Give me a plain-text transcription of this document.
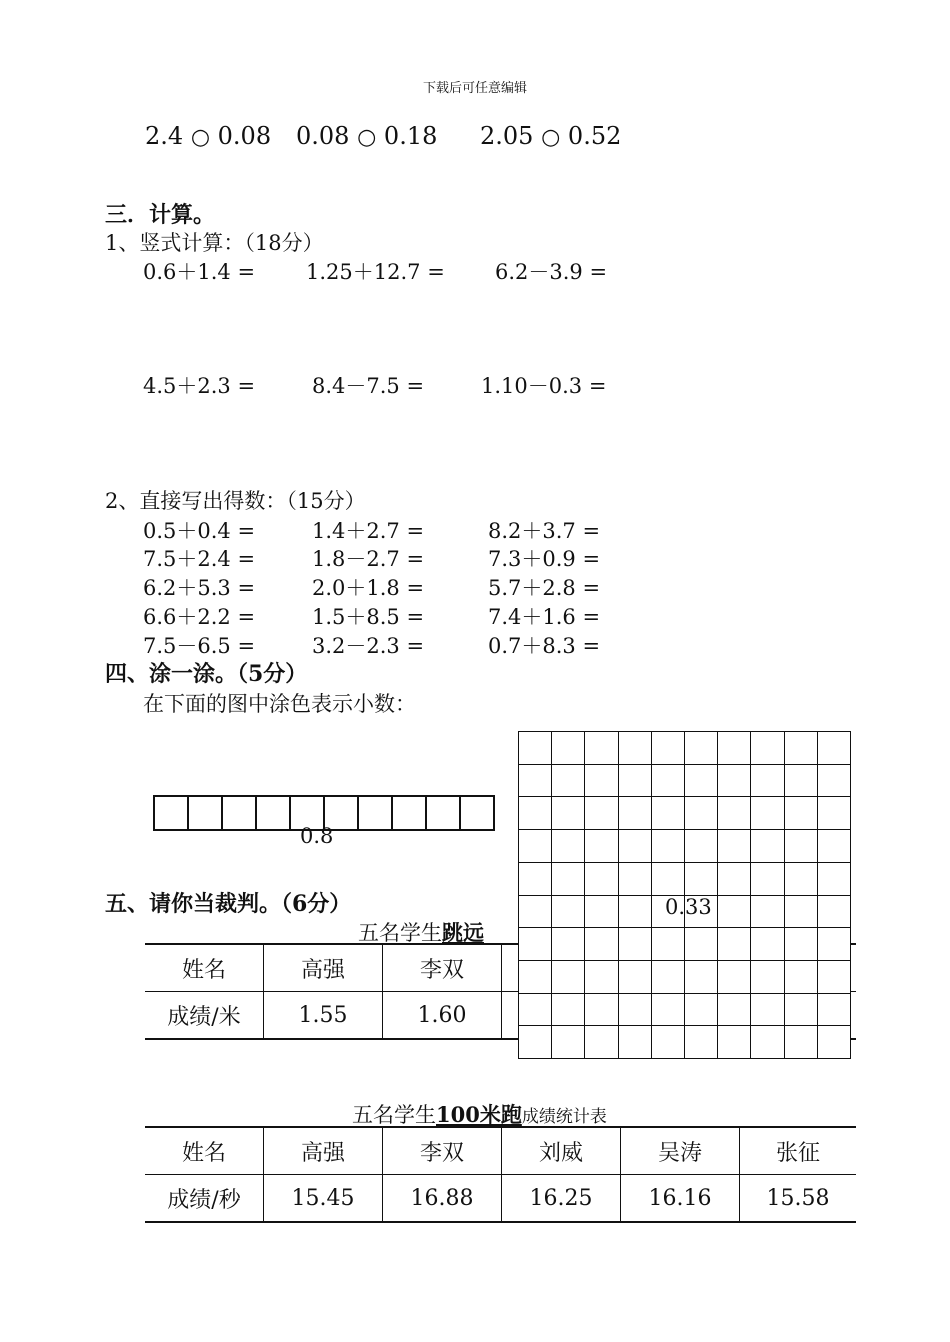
下载后可任意编辑
2.4 ○ 0.08 0.08 ○ 0.18 2.05 ○ 0.52
三．计算。
1、竖式计算：（18分）
0.6＋1.4 = 1.25＋12.7 = 6.2－3.9 =
4.5＋2.3 =	8.4－7.5 =	1.10－0.3 =
2、直接写出得数：（15分）
0.5＋0.4 =	1.4＋2.7 =	8.2＋3.7 =
7.5＋2.4 =	1.8－2.7 =	7.3＋0.9 =
6.2＋5.3 =	2.0＋1.8 =	5.7＋2.8 =
6.6＋2.2 =	1.5＋8.5 =	7.4＋1.6 =
7.5－6.5 =	3.2－2.3 =	0.7＋8.3 =
四、涂一涂。（5分）
在下面的图中涂色表示小数：
0.8
0.33
五、请你当裁判。（6分）
五名学生跳远
姓名	高强	李双	
成绩/米	1.55	1.60	
五名学生100米跑成绩统计表
姓名	高强	李双	刘威	吴涛	张征
成绩/秒	15.45	16.88	16.25	16.16	15.58
